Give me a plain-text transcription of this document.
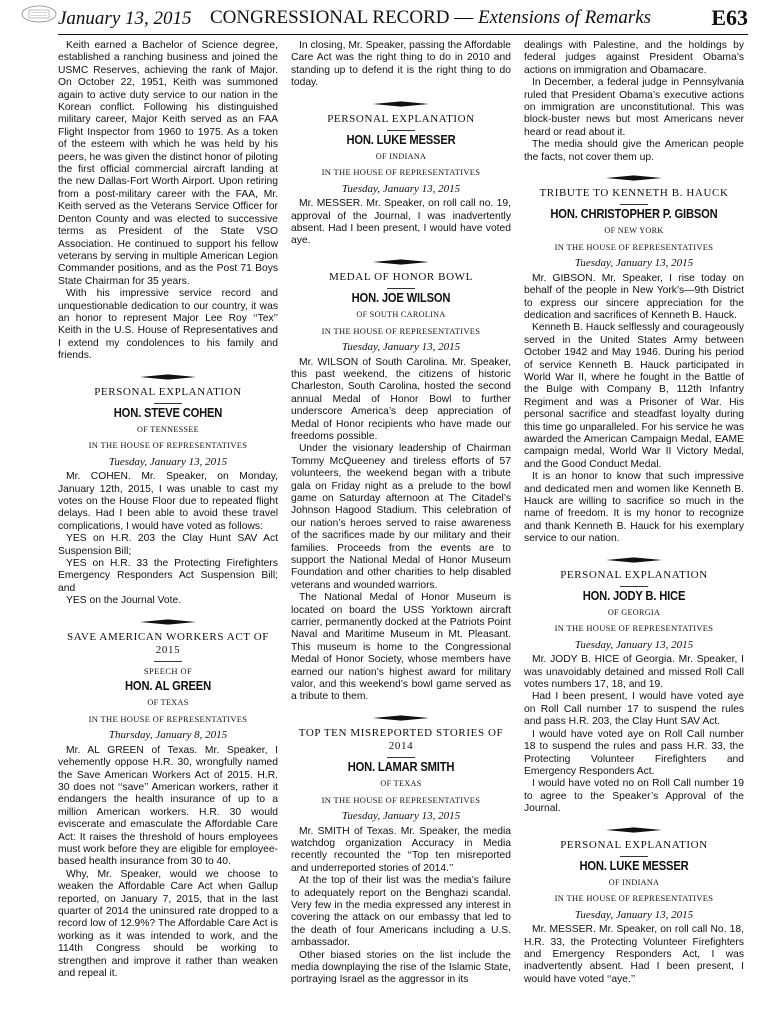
January 13, 2015 CONGRESSIONAL RECORD — Extensions of Remarks	E63

Keith earned a Bachelor of Science degree, established a ranching business and joined the USMC Reserves, achieving the rank of Major. On October 22, 1951, Keith was summoned again to active duty service to our nation in the Korean conflict. Following his distinguished military career, Major Keith served as an FAA Flight Inspector from 1960 to 1975. As a token of the esteem with which he was held by his peers, he was given the distinct honor of piloting the first official commercial aircraft landing at the new Dallas-Fort Worth Airport. Upon retiring from a post-military career with the FAA, Mr. Keith served as the Veterans Service Officer for Denton County and was elected to successive terms as President of the State VSO Association. He continued to support his fellow veterans by serving in multiple American Legion Commander positions, and as the Post 71 Boys State Chairman for 35 years.

With his impressive service record and unquestionable dedication to our country, it was an honor to represent Major Lee Roy ‘‘Tex’’ Keith in the U.S. House of Representatives and I extend my condolences to his family and friends.

PERSONAL EXPLANATION
HON. STEVE COHEN
OF TENNESSEE
IN THE HOUSE OF REPRESENTATIVES
Tuesday, January 13, 2015

Mr. COHEN. Mr. Speaker, on Monday, January 12th, 2015, I was unable to cast my votes on the House Floor due to repeated flight delays. Had I been able to avoid these travel complications, I would have voted as follows:

YES on H.R. 203 the Clay Hunt SAV Act Suspension Bill;

YES on H.R. 33 the Protecting Firefighters Emergency Responders Act Suspension Bill; and

YES on the Journal Vote.

SAVE AMERICAN WORKERS ACT OF 2015
SPEECH OF
HON. AL GREEN
OF TEXAS
IN THE HOUSE OF REPRESENTATIVES
Thursday, January 8, 2015

Mr. AL GREEN of Texas. Mr. Speaker, I vehemently oppose H.R. 30, wrongfully named the Save American Workers Act of 2015. H.R. 30 does not ‘‘save’’ American workers, rather it endangers the health insurance of up to a million American workers. H.R. 30 would eviscerate and emasculate the Affordable Care Act: It raises the threshold of hours employees must work before they are eligible for employee-based health insurance from 30 to 40.

Why, Mr. Speaker, would we choose to weaken the Affordable Care Act when Gallup reported, on January 7, 2015, that in the last quarter of 2014 the uninsured rate dropped to a record low of 12.9%? The Affordable Care Act is working as it was intended to work, and the 114th Congress should be working to strengthen and improve it rather than weaken and repeal it.

In closing, Mr. Speaker, passing the Affordable Care Act was the right thing to do in 2010 and standing up to defend it is the right thing to do today.

PERSONAL EXPLANATION
HON. LUKE MESSER
OF INDIANA
IN THE HOUSE OF REPRESENTATIVES
Tuesday, January 13, 2015

Mr. MESSER. Mr. Speaker, on roll call no. 19, approval of the Journal, I was inadvertently absent. Had I been present, I would have voted aye.

MEDAL OF HONOR BOWL
HON. JOE WILSON
OF SOUTH CAROLINA
IN THE HOUSE OF REPRESENTATIVES
Tuesday, January 13, 2015

Mr. WILSON of South Carolina. Mr. Speaker, this past weekend, the citizens of historic Charleston, South Carolina, hosted the second annual Medal of Honor Bowl to further underscore America’s deep appreciation of Medal of Honor recipients who have made our freedoms possible.

Under the visionary leadership of Chairman Tommy McQueeney and tireless efforts of 57 volunteers, the weekend began with a tribute gala on Friday night as a prelude to the bowl game on Saturday afternoon at The Citadel’s Johnson Hagood Stadium. This celebration of our nation’s heroes served to raise awareness of the sacrifices made by our military and their families. Proceeds from the events are to support the National Medal of Honor Museum Foundation and other charities to help disabled veterans and wounded warriors.

The National Medal of Honor Museum is located on board the USS Yorktown aircraft carrier, permanently docked at the Patriots Point Naval and Maritime Museum in Mt. Pleasant. This museum is home to the Congressional Medal of Honor Society, whose members have earned our nation’s highest award for military valor, and this weekend’s bowl game served as a tribute to them.

TOP TEN MISREPORTED STORIES OF 2014
HON. LAMAR SMITH
OF TEXAS
IN THE HOUSE OF REPRESENTATIVES
Tuesday, January 13, 2015

Mr. SMITH of Texas. Mr. Speaker, the media watchdog organization Accuracy in Media recently recounted the ‘‘Top ten misreported and underreported stories of 2014.’’

At the top of their list was the media’s failure to adequately report on the Benghazi scandal. Very few in the media expressed any interest in covering the attack on our embassy that led to the death of four Americans including a U.S. ambassador.

Other biased stories on the list include the media downplaying the rise of the Islamic State, portraying Israel as the aggressor in its

dealings with Palestine, and the holdings by federal judges against President Obama’s actions on immigration and Obamacare.

In December, a federal judge in Pennsylvania ruled that President Obama’s executive actions on immigration are unconstitutional. This was block-buster news but most Americans never heard or read about it.

The media should give the American people the facts, not cover them up.

TRIBUTE TO KENNETH B. HAUCK
HON. CHRISTOPHER P. GIBSON
OF NEW YORK
IN THE HOUSE OF REPRESENTATIVES
Tuesday, January 13, 2015

Mr. GIBSON. Mr. Speaker, I rise today on behalf of the people in New York’s—9th District to express our sincere appreciation for the dedication and sacrifices of Kenneth B. Hauck.

Kenneth B. Hauck selflessly and courageously served in the United States Army between October 1942 and May 1946. During his period of service Kenneth B. Hauck participated in World War II, where he fought in the Battle of the Bulge with Company B, 112th Infantry Regiment and was a Prisoner of War. His personal sacrifice and steadfast loyalty during this time go unparalleled. For his service he was awarded the American Campaign Medal, EAME campaign medal, World War II Victory Medal, and the Good Conduct Medal.

It is an honor to know that such impressive and dedicated men and women like Kenneth B. Hauck are willing to sacrifice so much in the name of freedom. It is my honor to recognize and thank Kenneth B. Hauck for his exemplary service to our nation.

PERSONAL EXPLANATION
HON. JODY B. HICE
OF GEORGIA
IN THE HOUSE OF REPRESENTATIVES
Tuesday, January 13, 2015

Mr. JODY B. HICE of Georgia. Mr. Speaker, I was unavoidably detained and missed Roll Call votes numbers 17, 18, and 19.

Had I been present, I would have voted aye on Roll Call number 17 to suspend the rules and pass H.R. 203, the Clay Hunt SAV Act.

I would have voted aye on Roll Call number 18 to suspend the rules and pass H.R. 33, the Protecting Volunteer Firefighters and Emergency Responders Act.

I would have voted no on Roll Call number 19 to agree to the Speaker’s Approval of the Journal.

PERSONAL EXPLANATION
HON. LUKE MESSER
OF INDIANA
IN THE HOUSE OF REPRESENTATIVES
Tuesday, January 13, 2015

Mr. MESSER. Mr. Speaker, on roll call No. 18, H.R. 33, the Protecting Volunteer Firefighters and Emergency Responders Act, I was inadvertently absent. Had I been present, I would have voted ‘‘aye.’’
